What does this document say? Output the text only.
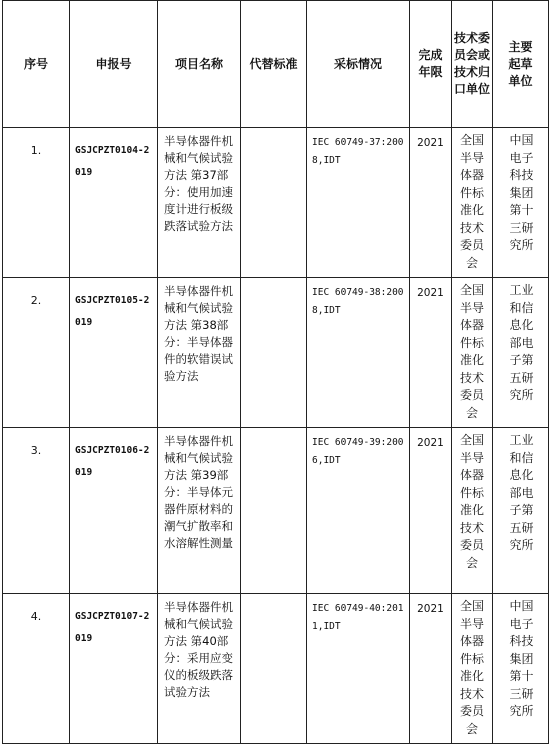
序号	申报号	项目名称	代替标准	采标情况	完成年限	技术委员会或 技术归口单位	主要起草单位
1.	GSJCPZT0104-2019	半导体器件机械和气候试验方法 第37部分：使用加速度计进行板级跌落试验方法		IEC 60749-37:2008,IDT	2021	全国半导体器件标准化技术委员会	中国电子科技集团第十三研究所
2.	GSJCPZT0105-2019	半导体器件机械和气候试验方法 第38部分：半导体器件的软错误试验方法		IEC 60749-38:2008,IDT	2021	全国半导体器件标准化技术委员会	工业和信息化部电子第五研究所
3.	GSJCPZT0106-2019	半导体器件机械和气候试验方法 第39部分：半导体元器件原材料的潮气扩散率和水溶解性测量		IEC 60749-39:2006,IDT	2021	全国半导体器件标准化技术委员会	工业和信息化部电子第五研究所
4.	GSJCPZT0107-2019	半导体器件机械和气候试验方法 第40部分：采用应变仪的板级跌落试验方法		IEC 60749-40:2011,IDT	2021	全国半导体器件标准化技术委员会	中国电子科技集团第十三研究所
